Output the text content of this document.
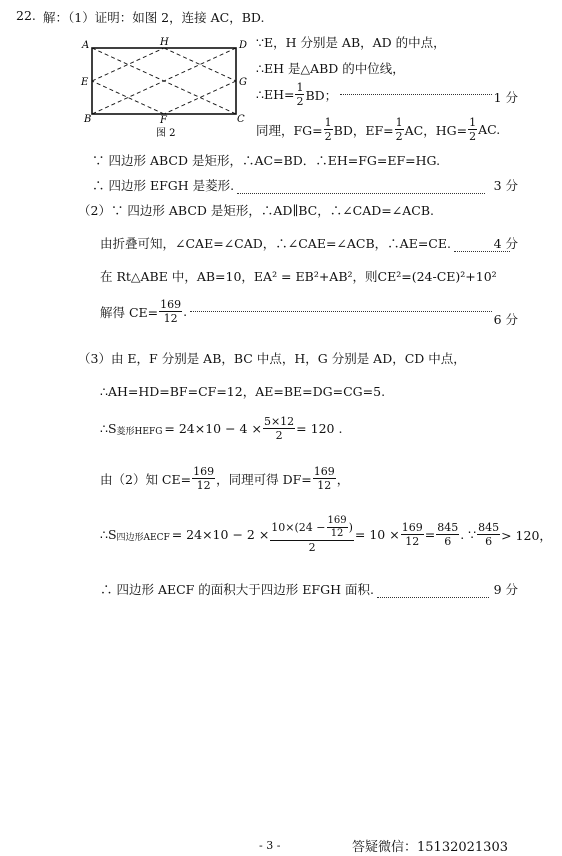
22. 解：（1）证明：如图 2，连接 AC，BD.
A	H	D
E	G
B	F	C
图 2
∵E，H 分别是 AB，AD 的中点，
∴EH 是△ABD 的中位线，
∴EH= $\frac{1}{2}$ BD；	1 分
同理，$FG= \frac{1}{2}$ BD，$EF= \frac{1}{2}$ AC，$HG= \frac{1}{2}$ AC.
∵ 四边形 ABCD 是矩形，∴AC=BD．∴EH=FG=EF=HG.
∴ 四边形 EFGH 是菱形.	3 分
（2）∵ 四边形 ABCD 是矩形，∴AD∥BC，∴∠CAD=∠ACB.
由折叠可知，∠CAE=∠CAD，∴∠CAE=∠ACB，∴AE=CE.	4 分
在 Rt△ABE 中，AB=10，EA² = EB²+AB²，则CE²=(24-CE)²+10²
解得 $CE= \frac{169}{12}$ .
6 分
（3）由 E，F 分别是 AB，BC 中点，H，G 分别是 AD，CD 中点，
∴AH=HD=BF=CF=12，AE=BE=DG=CG=5.
∴S 菱形HEFG = $24\times 10 - 4 \times \frac{5\times 12}{2} = 120$ .
由（2）知 $CE= \frac{169}{12}$ ，同理可得 $DF= \frac{169}{12}$ ，
∴S 四边形AECF = $24\times 10 - 2 \times \frac{10\times(24 - \frac{169}{12} )}{2} = 10 \times \frac{169}{12} = \frac{845}{6}$ . ∵ $\frac{845}{6} > 120$，
∴ 四边形 AECF 的面积大于四边形 EFGH 面积.	9 分
- 3 -	答疑微信：15132021303
